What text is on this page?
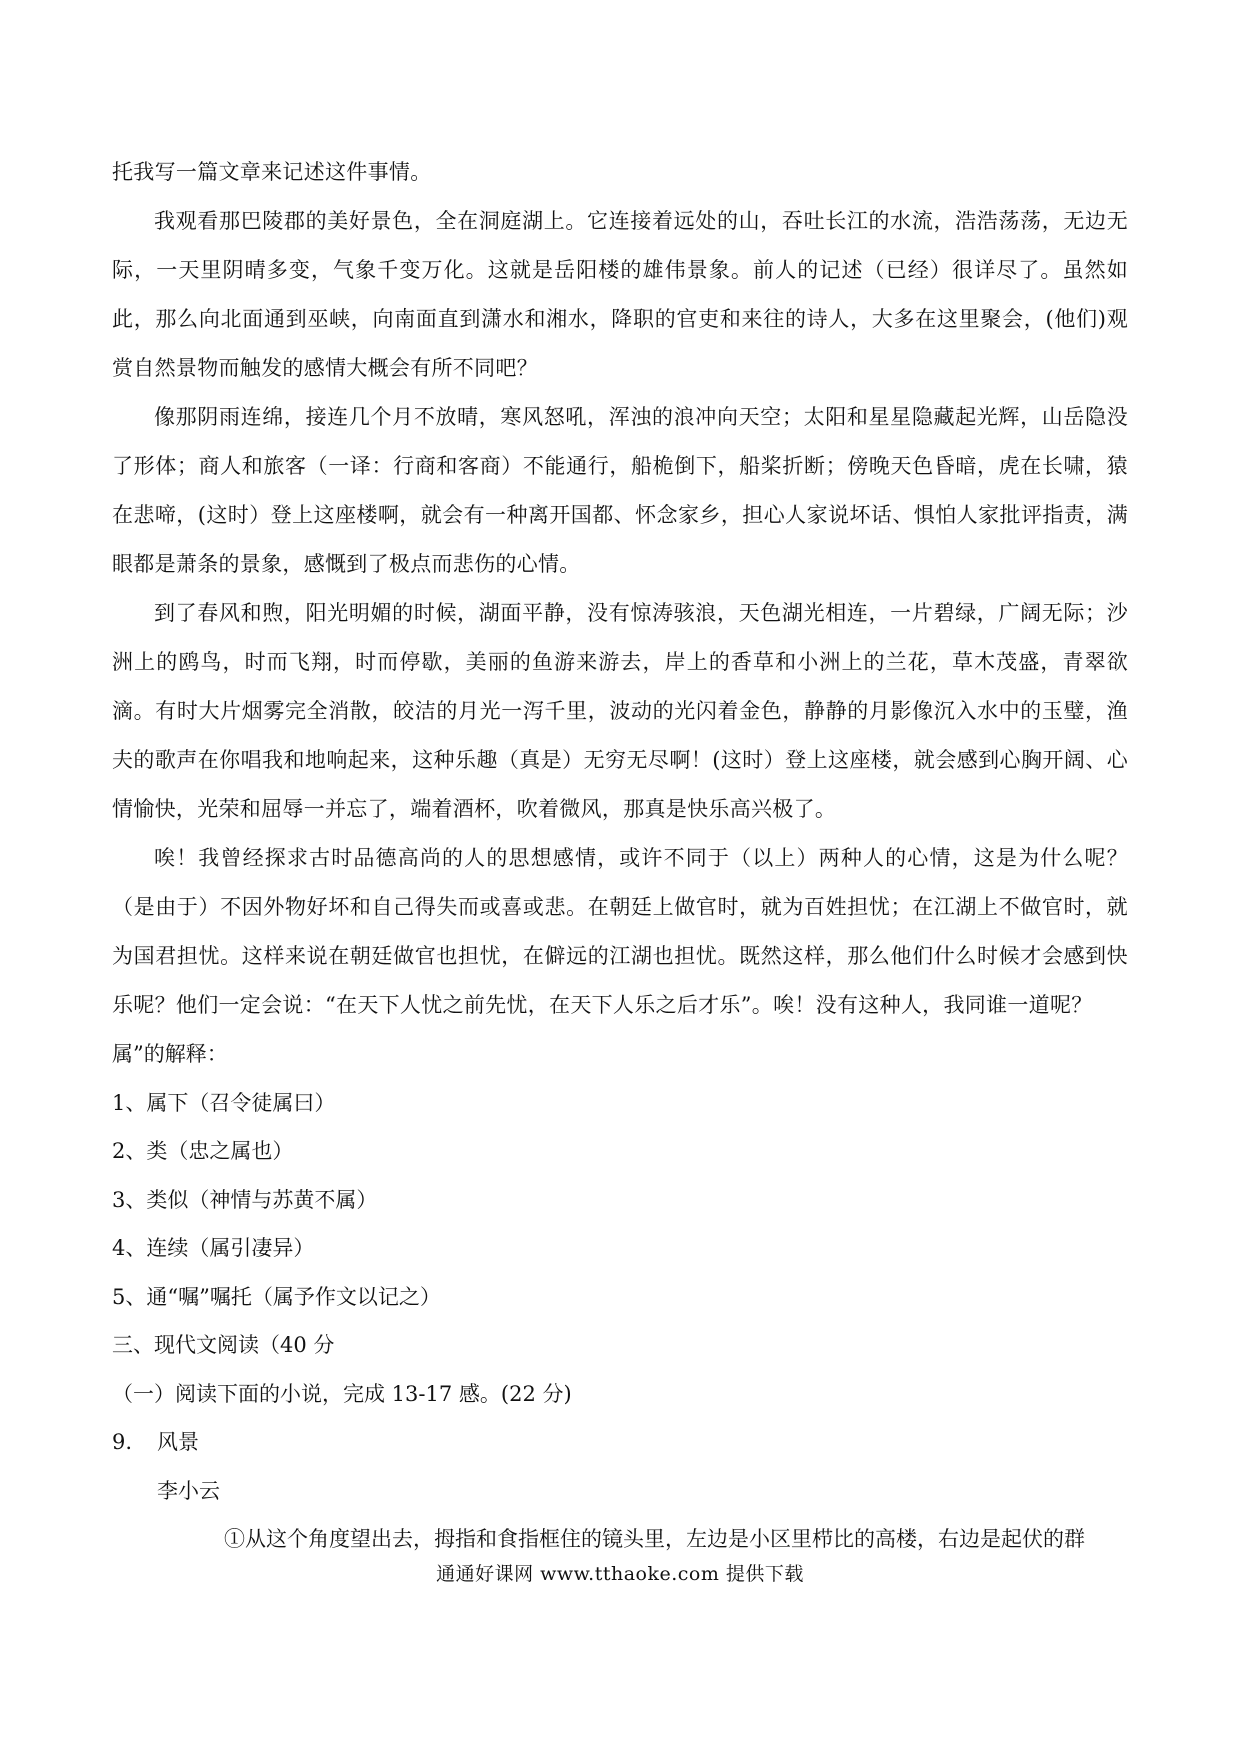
托我写一篇文章来记述这件事情。

我观看那巴陵郡的美好景色，全在洞庭湖上。它连接着远处的山，吞吐长江的水流，浩浩荡荡，无边无际，一天里阴晴多变，气象千变万化。这就是岳阳楼的雄伟景象。前人的记述（已经）很详尽了。虽然如此，那么向北面通到巫峡，向南面直到潇水和湘水，降职的官吏和来往的诗人，大多在这里聚会，(他们)观赏自然景物而触发的感情大概会有所不同吧？

像那阴雨连绵，接连几个月不放晴，寒风怒吼，浑浊的浪冲向天空；太阳和星星隐藏起光辉，山岳隐没了形体；商人和旅客（一译：行商和客商）不能通行，船桅倒下，船桨折断；傍晚天色昏暗，虎在长啸，猿在悲啼，(这时）登上这座楼啊，就会有一种离开国都、怀念家乡，担心人家说坏话、惧怕人家批评指责，满眼都是萧条的景象，感慨到了极点而悲伤的心情。

到了春风和煦，阳光明媚的时候，湖面平静，没有惊涛骇浪，天色湖光相连，一片碧绿，广阔无际；沙洲上的鸥鸟，时而飞翔，时而停歇，美丽的鱼游来游去，岸上的香草和小洲上的兰花，草木茂盛，青翠欲滴。有时大片烟雾完全消散，皎洁的月光一泻千里，波动的光闪着金色，静静的月影像沉入水中的玉璧，渔夫的歌声在你唱我和地响起来，这种乐趣（真是）无穷无尽啊！(这时）登上这座楼，就会感到心胸开阔、心情愉快，光荣和屈辱一并忘了，端着酒杯，吹着微风，那真是快乐高兴极了。

唉！我曾经探求古时品德高尚的人的思想感情，或许不同于（以上）两种人的心情，这是为什么呢？（是由于）不因外物好坏和自己得失而或喜或悲。在朝廷上做官时，就为百姓担忧；在江湖上不做官时，就为国君担忧。这样来说在朝廷做官也担忧，在僻远的江湖也担忧。既然这样，那么他们什么时候才会感到快乐呢？他们一定会说：“在天下人忧之前先忧，在天下人乐之后才乐”。唉！没有这种人，我同谁一道呢？

属”的解释：

1、属下（召令徒属曰）

2、类（忠之属也）

3、类似（神情与苏黄不属）

4、连续（属引凄异）

5、通“嘱”嘱托（属予作文以记之）

三、现代文阅读（40 分

（一）阅读下面的小说，完成 13-17 感。(22 分)

9. 风景

李小云

①从这个角度望出去，拇指和食指框住的镜头里，左边是小区里栉比的高楼，右边是起伏的群

通通好课网 www.tthaoke.com 提供下载
